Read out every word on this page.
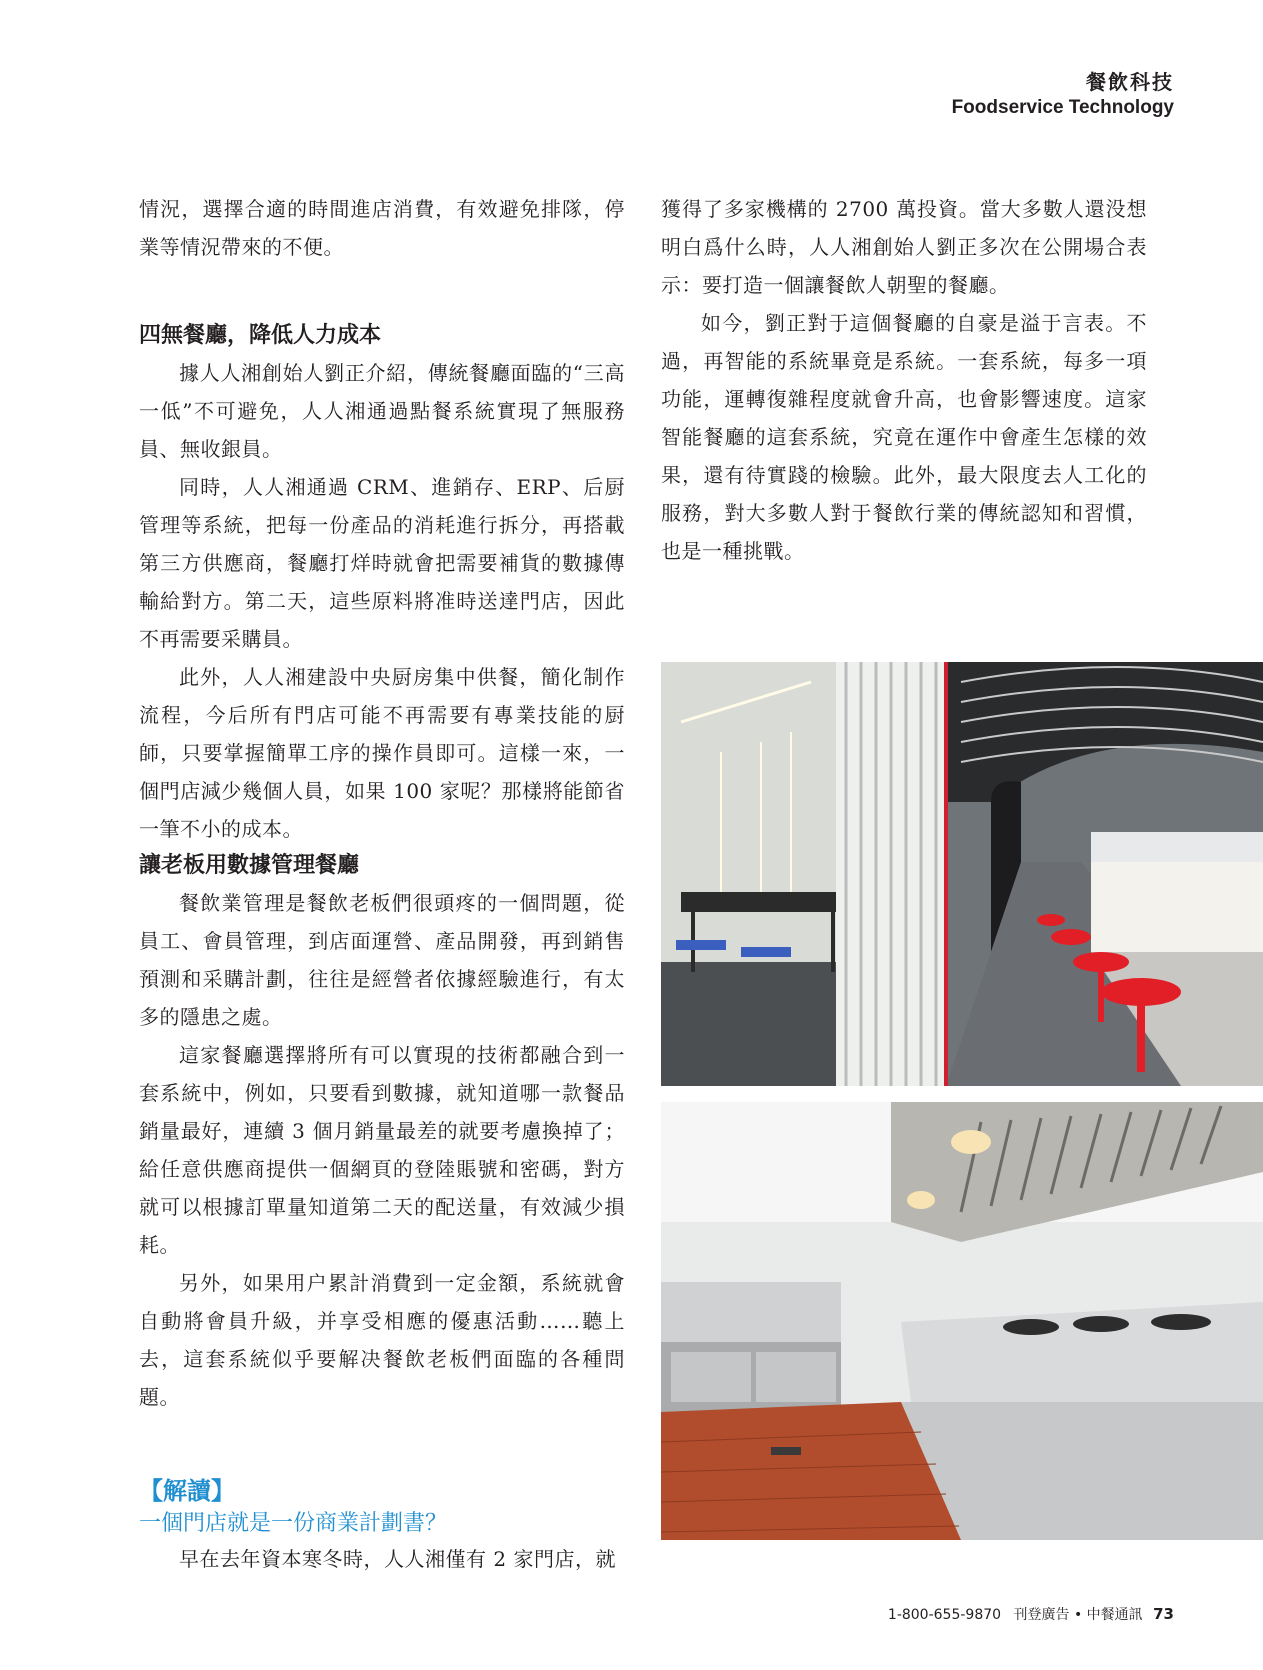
餐飲科技
Foodservice Technology

情況，選擇合適的時間進店消費，有效避免排隊，停業等情況帶來的不便。

四無餐廳，降低人力成本

據人人湘創始人劉正介紹，傳統餐廳面臨的“三高一低”不可避免，人人湘通過點餐系統實現了無服務員、無收銀員。

同時，人人湘通過 CRM、進銷存、ERP、后厨管理等系統，把每一份產品的消耗進行拆分，再搭載第三方供應商，餐廳打烊時就會把需要補貨的數據傳輸給對方。第二天，這些原料將准時送達門店，因此不再需要采購員。

此外，人人湘建設中央厨房集中供餐，簡化制作流程，今后所有門店可能不再需要有專業技能的厨師，只要掌握簡單工序的操作員即可。這樣一來，一個門店減少幾個人員，如果 100 家呢？那樣將能節省一筆不小的成本。

讓老板用數據管理餐廳

餐飲業管理是餐飲老板們很頭疼的一個問題，從員工、會員管理，到店面運營、產品開發，再到銷售預測和采購計劃，往往是經營者依據經驗進行，有太多的隱患之處。

這家餐廳選擇將所有可以實現的技術都融合到一套系統中，例如，只要看到數據，就知道哪一款餐品銷量最好，連續 3 個月銷量最差的就要考慮換掉了；給任意供應商提供一個網頁的登陸賬號和密碼，對方就可以根據訂單量知道第二天的配送量，有效減少損耗。

另外，如果用户累計消費到一定金額，系統就會自動將會員升級，并享受相應的優惠活動……聽上去，這套系統似乎要解决餐飲老板們面臨的各種問題。

【解讀】
一個門店就是一份商業計劃書？

早在去年資本寒冬時，人人湘僅有 2 家門店，就

獲得了多家機構的 2700 萬投資。當大多數人還没想明白爲什么時，人人湘創始人劉正多次在公開場合表示：要打造一個讓餐飲人朝聖的餐廳。

如今，劉正對于這個餐廳的自豪是溢于言表。不過，再智能的系統畢竟是系統。一套系統，每多一項功能，運轉復雜程度就會升高，也會影響速度。這家智能餐廳的這套系統，究竟在運作中會產生怎樣的效果，還有待實踐的檢驗。此外，最大限度去人工化的服務，對大多數人對于餐飲行業的傳統認知和習慣，也是一種挑戰。

1-800-655-9870 刊登廣告 • 中餐通訊 73
